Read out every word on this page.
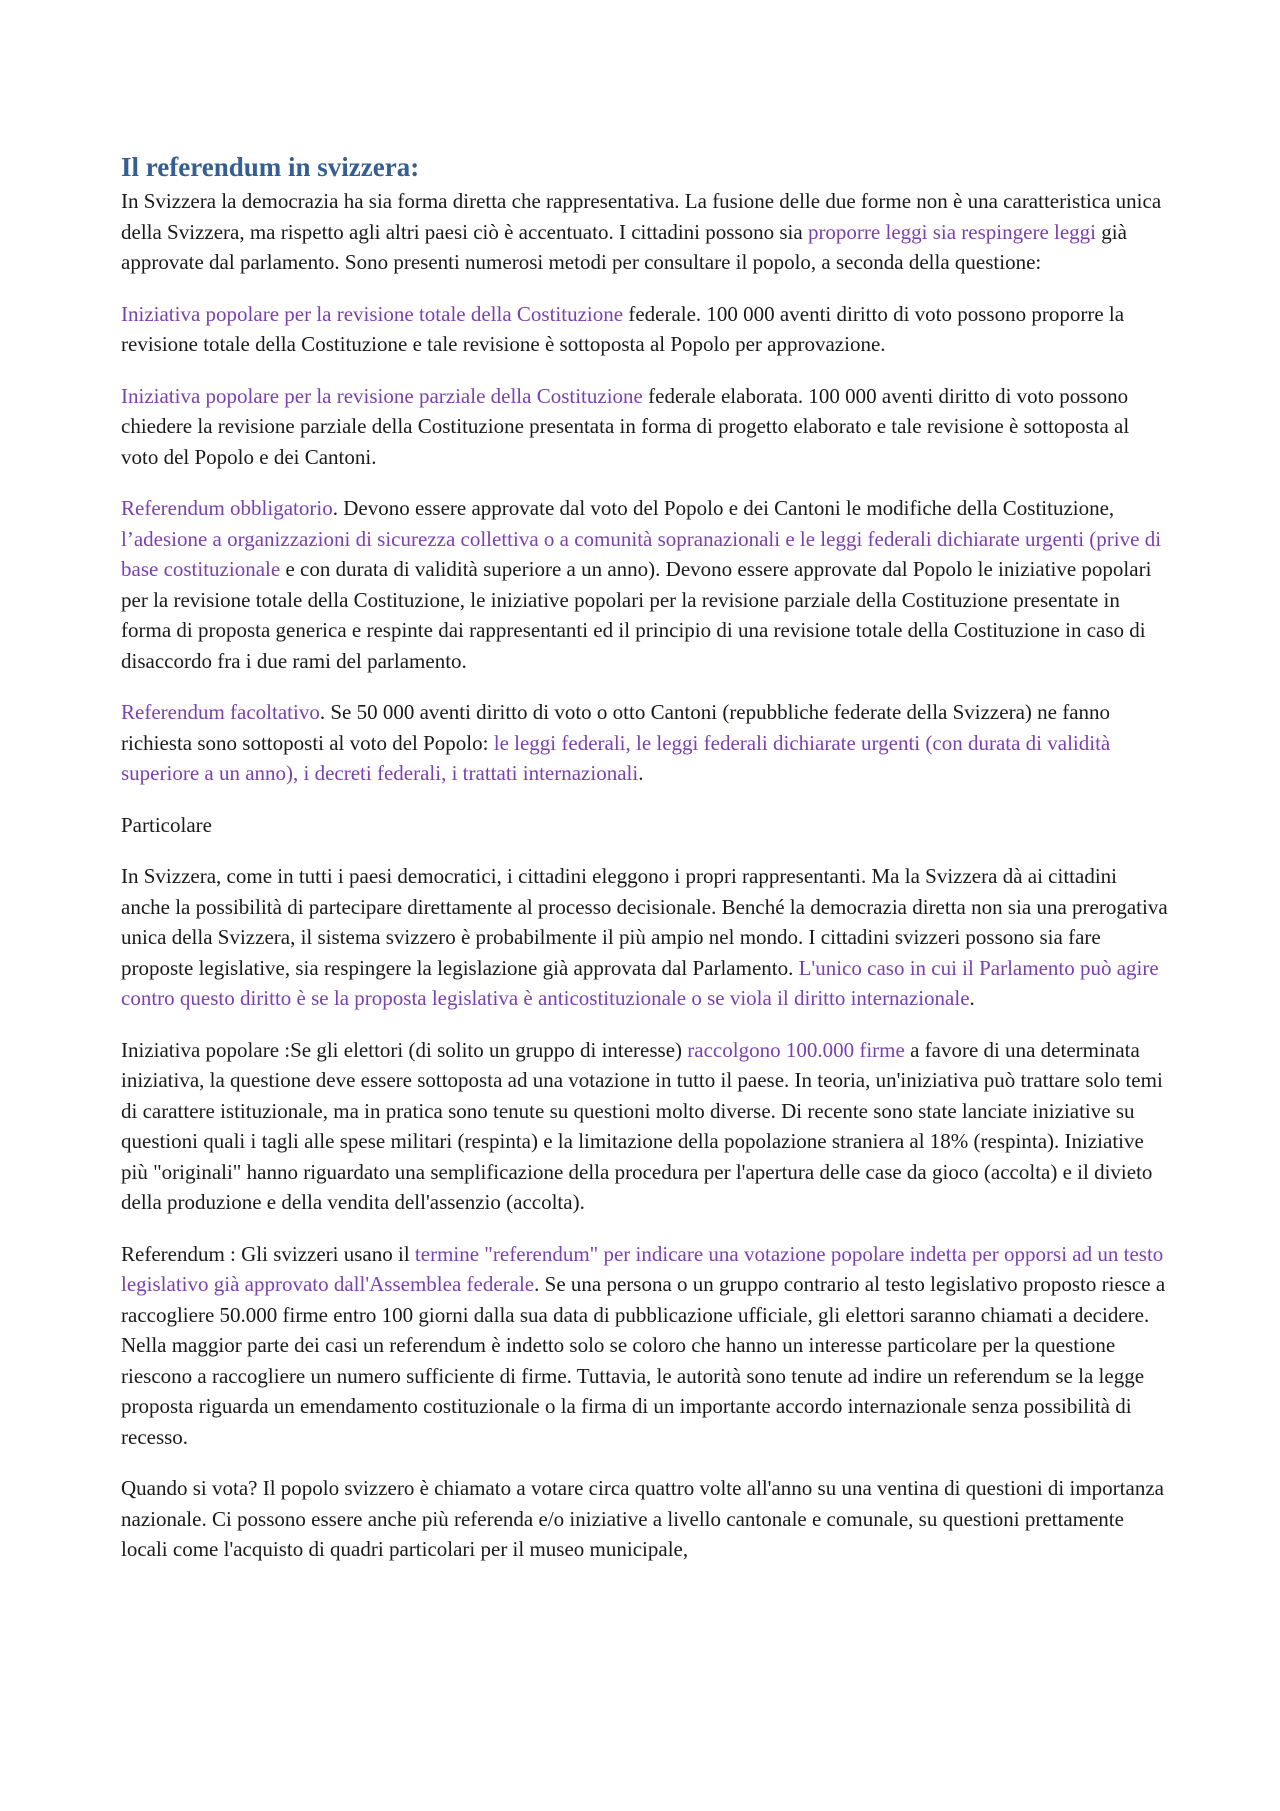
Il referendum in svizzera:

In Svizzera la democrazia ha sia forma diretta che rappresentativa. La fusione delle due forme non è una caratteristica unica della Svizzera, ma rispetto agli altri paesi ciò è accentuato. I cittadini possono sia proporre leggi sia respingere leggi già approvate dal parlamento. Sono presenti numerosi metodi per consultare il popolo, a seconda della questione:

Iniziativa popolare per la revisione totale della Costituzione federale. 100 000 aventi diritto di voto possono proporre la revisione totale della Costituzione e tale revisione è sottoposta al Popolo per approvazione.

Iniziativa popolare per la revisione parziale della Costituzione federale elaborata. 100 000 aventi diritto di voto possono chiedere la revisione parziale della Costituzione presentata in forma di progetto elaborato e tale revisione è sottoposta al voto del Popolo e dei Cantoni.

Referendum obbligatorio. Devono essere approvate dal voto del Popolo e dei Cantoni le modifiche della Costituzione, l’adesione a organizzazioni di sicurezza collettiva o a comunità sopranazionali e le leggi federali dichiarate urgenti (prive di base costituzionale e con durata di validità superiore a un anno). Devono essere approvate dal Popolo le iniziative popolari per la revisione totale della Costituzione, le iniziative popolari per la revisione parziale della Costituzione presentate in forma di proposta generica e respinte dai rappresentanti ed il principio di una revisione totale della Costituzione in caso di disaccordo fra i due rami del parlamento.

Referendum facoltativo. Se 50 000 aventi diritto di voto o otto Cantoni (repubbliche federate della Svizzera) ne fanno richiesta sono sottoposti al voto del Popolo: le leggi federali, le leggi federali dichiarate urgenti (con durata di validità superiore a un anno), i decreti federali, i trattati internazionali.

Particolare

In Svizzera, come in tutti i paesi democratici, i cittadini eleggono i propri rappresentanti. Ma la Svizzera dà ai cittadini anche la possibilità di partecipare direttamente al processo decisionale. Benché la democrazia diretta non sia una prerogativa unica della Svizzera, il sistema svizzero è probabilmente il più ampio nel mondo. I cittadini svizzeri possono sia fare proposte legislative, sia respingere la legislazione già approvata dal Parlamento. L'unico caso in cui il Parlamento può agire contro questo diritto è se la proposta legislativa è anticostituzionale o se viola il diritto internazionale.

Iniziativa popolare :Se gli elettori (di solito un gruppo di interesse) raccolgono 100.000 firme a favore di una determinata iniziativa, la questione deve essere sottoposta ad una votazione in tutto il paese. In teoria, un'iniziativa può trattare solo temi di carattere istituzionale, ma in pratica sono tenute su questioni molto diverse. Di recente sono state lanciate iniziative su questioni quali i tagli alle spese militari (respinta) e la limitazione della popolazione straniera al 18% (respinta). Iniziative più "originali" hanno riguardato una semplificazione della procedura per l'apertura delle case da gioco (accolta) e il divieto della produzione e della vendita dell'assenzio (accolta).

Referendum : Gli svizzeri usano il termine "referendum" per indicare una votazione popolare indetta per opporsi ad un testo legislativo già approvato dall'Assemblea federale. Se una persona o un gruppo contrario al testo legislativo proposto riesce a raccogliere 50.000 firme entro 100 giorni dalla sua data di pubblicazione ufficiale, gli elettori saranno chiamati a decidere. Nella maggior parte dei casi un referendum è indetto solo se coloro che hanno un interesse particolare per la questione riescono a raccogliere un numero sufficiente di firme. Tuttavia, le autorità sono tenute ad indire un referendum se la legge proposta riguarda un emendamento costituzionale o la firma di un importante accordo internazionale senza possibilità di recesso.

Quando si vota? Il popolo svizzero è chiamato a votare circa quattro volte all'anno su una ventina di questioni di importanza nazionale. Ci possono essere anche più referenda e/o iniziative a livello cantonale e comunale, su questioni prettamente locali come l'acquisto di quadri particolari per il museo municipale,
